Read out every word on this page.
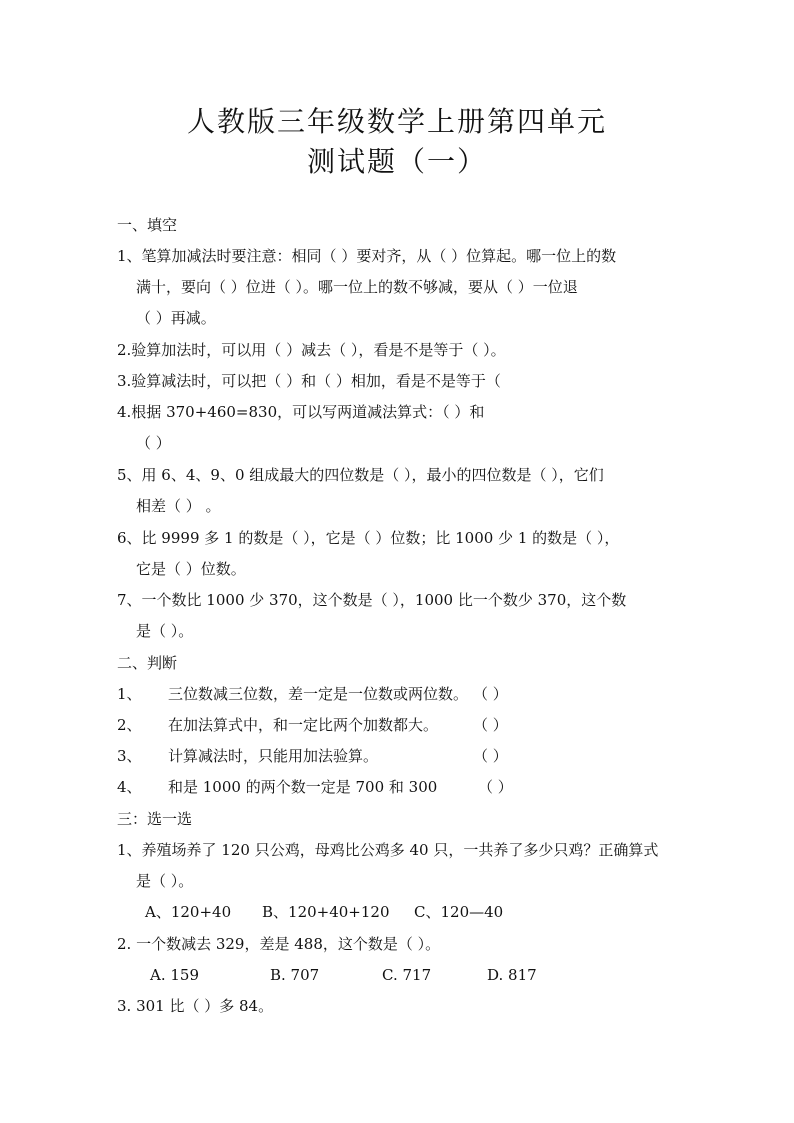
人教版三年级数学上册第四单元
测试题（一）
一、填空
1、笔算加减法时要注意：相同（ ）要对齐，从（ ）位算起。哪一位上的数
满十，要向（ ）位进（ ）。哪一位上的数不够减，要从（ ）一位退
（ ）再减。
2.验算加法时，可以用（ ）减去（ ），看是不是等于（ ）。
3.验算减法时，可以把（ ）和（ ）相加，看是不是等于（
4.根据 370+460=830，可以写两道减法算式：（ ）和
（ ）
5、用 6、4、9、0 组成最大的四位数是（ ），最小的四位数是（ ），它们
相差（ ） 。
6、比 9999 多 1 的数是（ ），它是（ ）位数；比 1000 少 1 的数是（ ），
它是（ ）位数。
7、一个数比 1000 少 370，这个数是（ ），1000 比一个数少 370，这个数
是（ ）。
二、判断
1、 三位数减三位数，差一定是一位数或两位数。 （ ）
2、 在加法算式中，和一定比两个加数都大。 （ ）
3、 计算减法时，只能用加法验算。	（ ）
4、 和是 1000 的两个数一定是 700 和 300	（ ）
三：选一选
1、养殖场养了 120 只公鸡，母鸡比公鸡多 40 只，一共养了多少只鸡？正确算式
是（ ）。
A、120+40 B、120+40+120 C、120—40
2. 一个数减去 329，差是 488，这个数是（ ）。
A. 159	B. 707	C. 717	D. 817
3. 301 比（ ）多 84。
